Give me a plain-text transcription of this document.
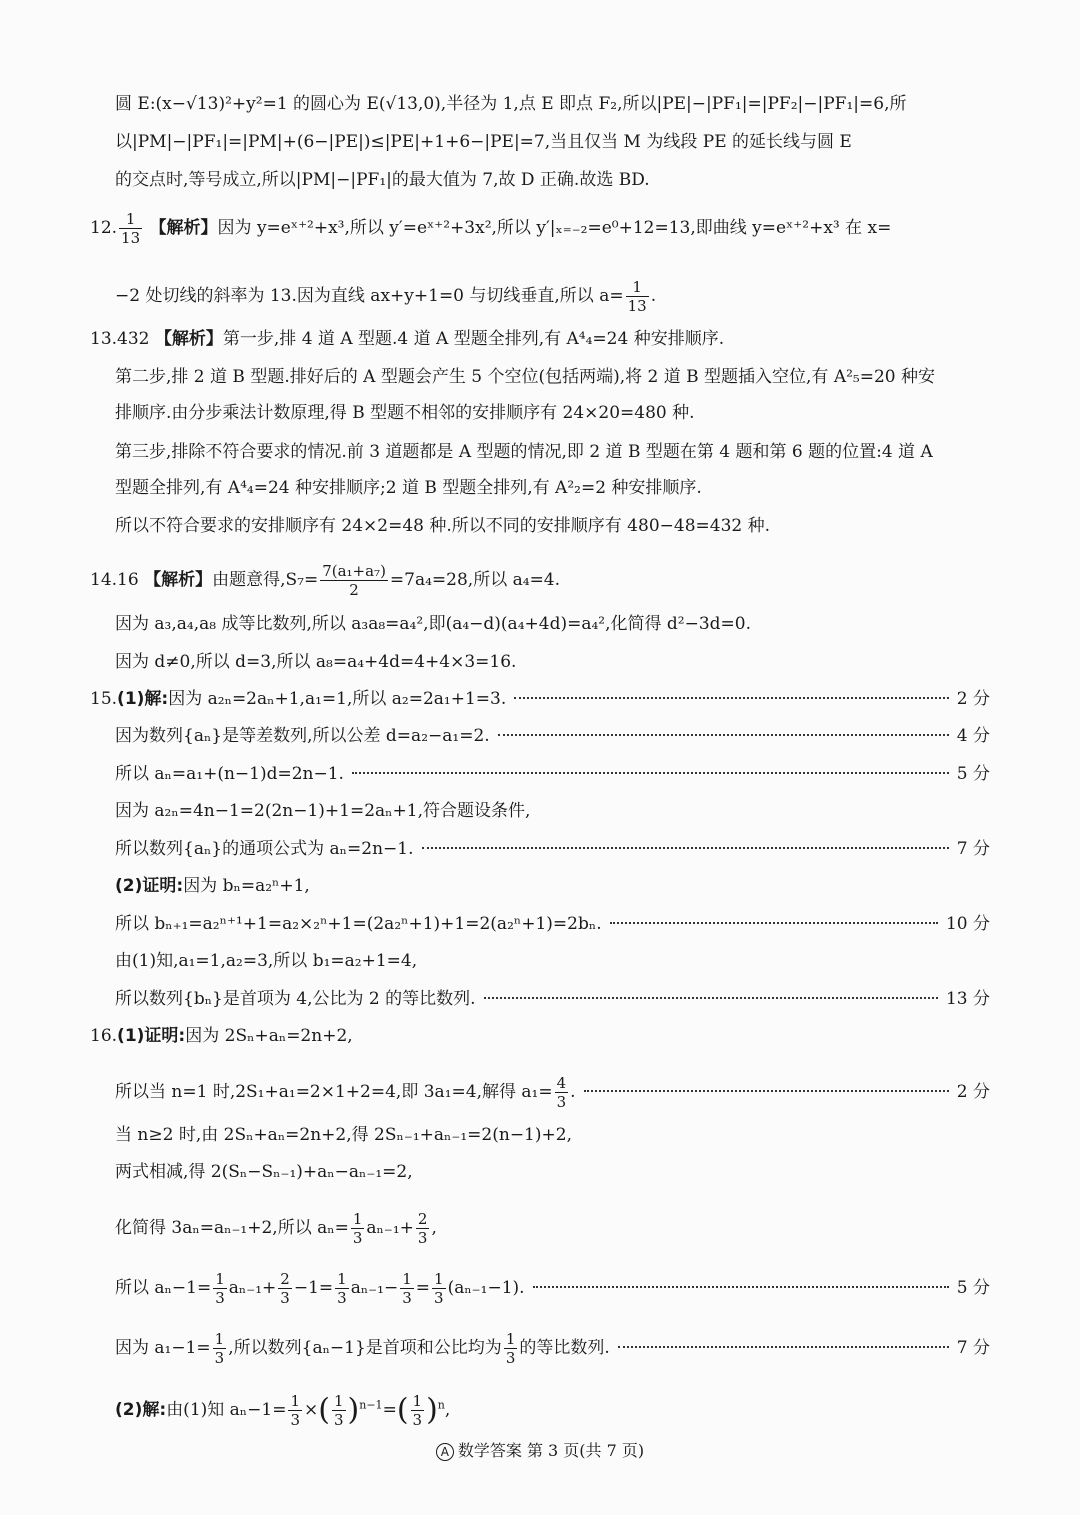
圆 E:(x−√13)²+y²=1 的圆心为 E(√13,0),半径为 1,点 E 即点 F₂,所以|PE|−|PF₁|=|PF₂|−|PF₁|=6,所
以|PM|−|PF₁|=|PM|+(6−|PE|)≤|PE|+1+6−|PE|=7,当且仅当 M 为线段 PE 的延长线与圆 E
的交点时,等号成立,所以|PM|−|PF₁|的最大值为 7,故 D 正确.故选 BD.
12. $\frac{1}{13}$ 【解析】因为 y=eˣ⁺²+x³,所以 y′=eˣ⁺²+3x²,所以 y′|ₓ₌₋₂=e⁰+12=13,即曲线 y=eˣ⁺²+x³ 在 x=
−2 处切线的斜率为 13.因为直线 ax+y+1=0 与切线垂直,所以 $a= \frac{1}{13}$ .
13.432 【解析】第一步,排 4 道 A 型题.4 道 A 型题全排列,有 A⁴₄=24 种安排顺序.
第二步,排 2 道 B 型题.排好后的 A 型题会产生 5 个空位(包括两端),将 2 道 B 型题插入空位,有 A²₅=20 种安
排顺序.由分步乘法计数原理,得 B 型题不相邻的安排顺序有 24×20=480 种.
第三步,排除不符合要求的情况.前 3 道题都是 A 型题的情况,即 2 道 B 型题在第 4 题和第 6 题的位置:4 道 A
型题全排列,有 A⁴₄=24 种安排顺序;2 道 B 型题全排列,有 A²₂=2 种安排顺序.
所以不符合要求的安排顺序有 24×2=48 种.所以不同的安排顺序有 480−48=432 种.
14.16 【解析】由题意得$,S_7= \frac{\text{7(a₁+a₇)}}{2} =7a_4=28$,所以 a₄=4.
因为 a₃,a₄,a₈ 成等比数列,所以 a₃a₈=a₄²,即(a₄−d)(a₄+4d)=a₄²,化简得 d²−3d=0.
因为 d≠0,所以 d=3,所以 a₈=a₄+4d=4+4×3=16.
15.(1)解:因为 a₂ₙ=2aₙ+1,a₁=1,所以 a₂=2a₁+1=3.	2 分
因为数列{aₙ}是等差数列,所以公差 d=a₂−a₁=2.	4 分
所以 aₙ=a₁+(n−1)d=2n−1.	5 分
因为 a₂ₙ=4n−1=2(2n−1)+1=2aₙ+1,符合题设条件,
所以数列{aₙ}的通项公式为 aₙ=2n−1.	7 分
(2)证明:因为 bₙ=a₂ⁿ+1,
所以 bₙ₊₁=a₂ⁿ⁺¹+1=a₂×₂ⁿ+1=(2a₂ⁿ+1)+1=2(a₂ⁿ+1)=2bₙ.	10 分
由(1)知,a₁=1,a₂=3,所以 b₁=a₂+1=4,
所以数列{bₙ}是首项为 4,公比为 2 的等比数列.	13 分
16.(1)证明:因为 2Sₙ+aₙ=2n+2,
所以当 n=1 时,2S₁+a₁=2×1+2=4,即 3a₁=4,解得 $a_1= \frac{4}{3}$ .	2 分
当 n≥2 时,由 2Sₙ+aₙ=2n+2,得 2Sₙ₋₁+aₙ₋₁=2(n−1)+2,
两式相减,得 2(Sₙ−Sₙ₋₁)+aₙ−aₙ₋₁=2,
化简得 3aₙ=aₙ₋₁+2,所以 $a_n= \frac{1}{3} a_{n-1}+ \frac{2}{3}$ ,
所以 $a_n-1= \frac{1}{3} a_{n-1}+ \frac{2}{3} -1= \frac{1}{3} a_{n-1}- \frac{1}{3} = \frac{1}{3} (a_{n-1}-1)$.	5 分
因为 $a_1-1= \frac{1}{3}$ ,所以数列{aₙ−1}是首项和公比均为 $\frac{1}{3}$ 的等比数列.	7 分
(2)解:由(1)知 $a_n-1= \frac{1}{3}$ ×( $\frac{1}{3} )^{n-1}=( \frac{1}{3} )^n$,
A 数学答案 第 3 页(共 7 页)
